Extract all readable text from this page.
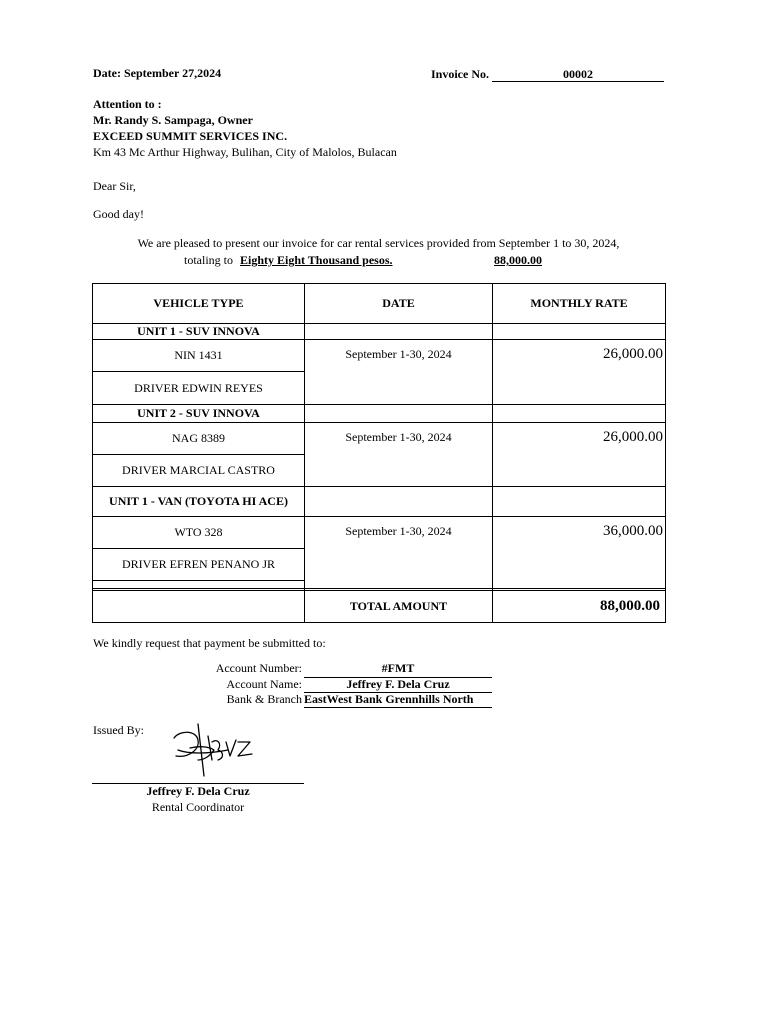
Date: September 27,2024	Invoice No.	00002
Attention to :
Mr. Randy S. Sampaga, Owner
EXCEED SUMMIT SERVICES INC.
Km 43 Mc Arthur Highway, Bulihan, City of Malolos, Bulacan
Dear Sir,
Good day!
We are pleased to present our invoice for car rental services provided from September 1 to 30, 2024,
totaling to Eighty Eight Thousand pesos.	88,000.00
VEHICLE TYPE	DATE	MONTHLY RATE
UNIT 1 - SUV INNOVA		
NIN 1431	September 1-30, 2024	26,000.00
DRIVER EDWIN REYES		
UNIT 2 - SUV INNOVA		
NAG 8389	September 1-30, 2024	26,000.00
DRIVER MARCIAL CASTRO		
UNIT 1 - VAN (TOYOTA HI ACE)		
WTO 328	September 1-30, 2024	36,000.00
DRIVER EFREN PENANO JR		

	TOTAL AMOUNT	88,000.00
We kindly request that payment be submitted to:
Account Number:	#FMT
Account Name:	Jeffrey F. Dela Cruz
Bank & Branch EastWest Bank Grennhills North
Issued By:
Jeffrey F. Dela Cruz
Rental Coordinator
